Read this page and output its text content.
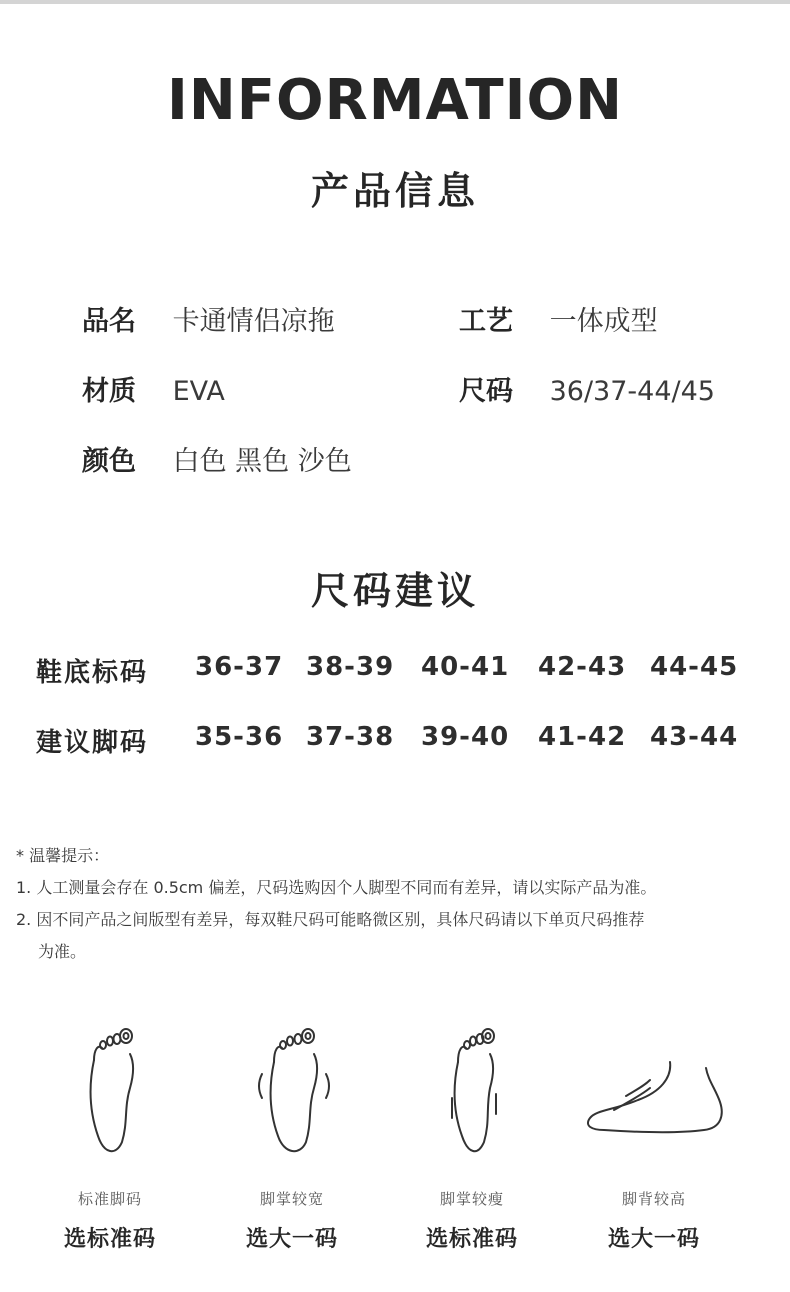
INFORMATION
产品信息
品名 卡通情侣凉拖	工艺 一体成型
材质 EVA	尺码 36/37-44/45
颜色 白色 黑色 沙色
尺码建议
鞋底标码 36-37 38-39 40-41 42-43 44-45
建议脚码 35-36 37-38 39-40 41-42 43-44
* 温馨提示：
1. 人工测量会存在 0.5cm 偏差，尺码选购因个人脚型不同而有差异，请以实际产品为准。
2. 因不同产品之间版型有差异，每双鞋尺码可能略微区别，具体尺码请以下单页尺码推荐
为准。
标准脚码
选标准码
脚掌较宽
选大一码
脚掌较瘦
选标准码
脚背较高
选大一码
